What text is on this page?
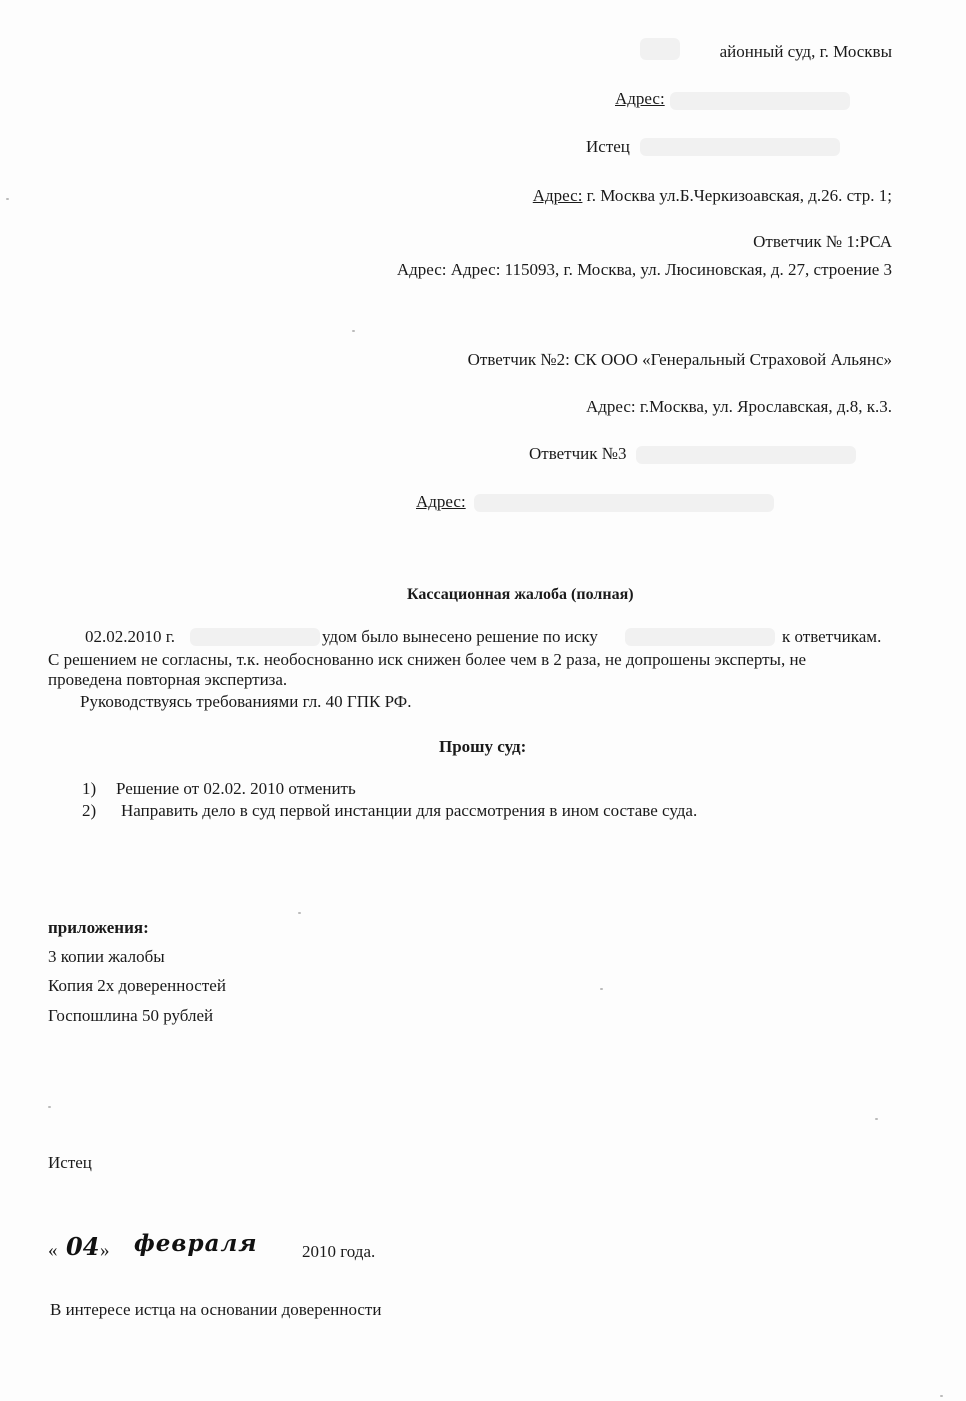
айонный суд, г. Москвы
Адрес:
Истец
Адрес: г. Москва ул.Б.Черкизоавская, д.26. стр. 1;
Ответчик № 1:РСА
Адрес: Адрес: 115093, г. Москва, ул. Люсиновская, д. 27, строение 3
Ответчик №2: СК ООО «Генеральный Страховой Альянс»
Адрес: г.Москва, ул. Ярославская, д.8, к.3.
Ответчик №3
Адрес:
Кассационная жалоба (полная)
02.02.2010 г.	удом было вынесено решение по иску	к ответчикам.
С решением не согласны, т.к. необоснованно иск снижен более чем в 2 раза, не допрошены эксперты, не
проведена повторная экспертиза.
Руководствуясь требованиями гл. 40 ГПК РФ.
Прошу суд:
1) Решение от 02.02. 2010 отменить
2) Направить дело в суд первой инстанции для рассмотрения в ином составе суда.
приложения:
3 копии жалобы
Копия 2х доверенностей
Госпошлина 50 рублей
Истец
« 04 » февраля	2010 года.
В интересе истца на основании доверенности
